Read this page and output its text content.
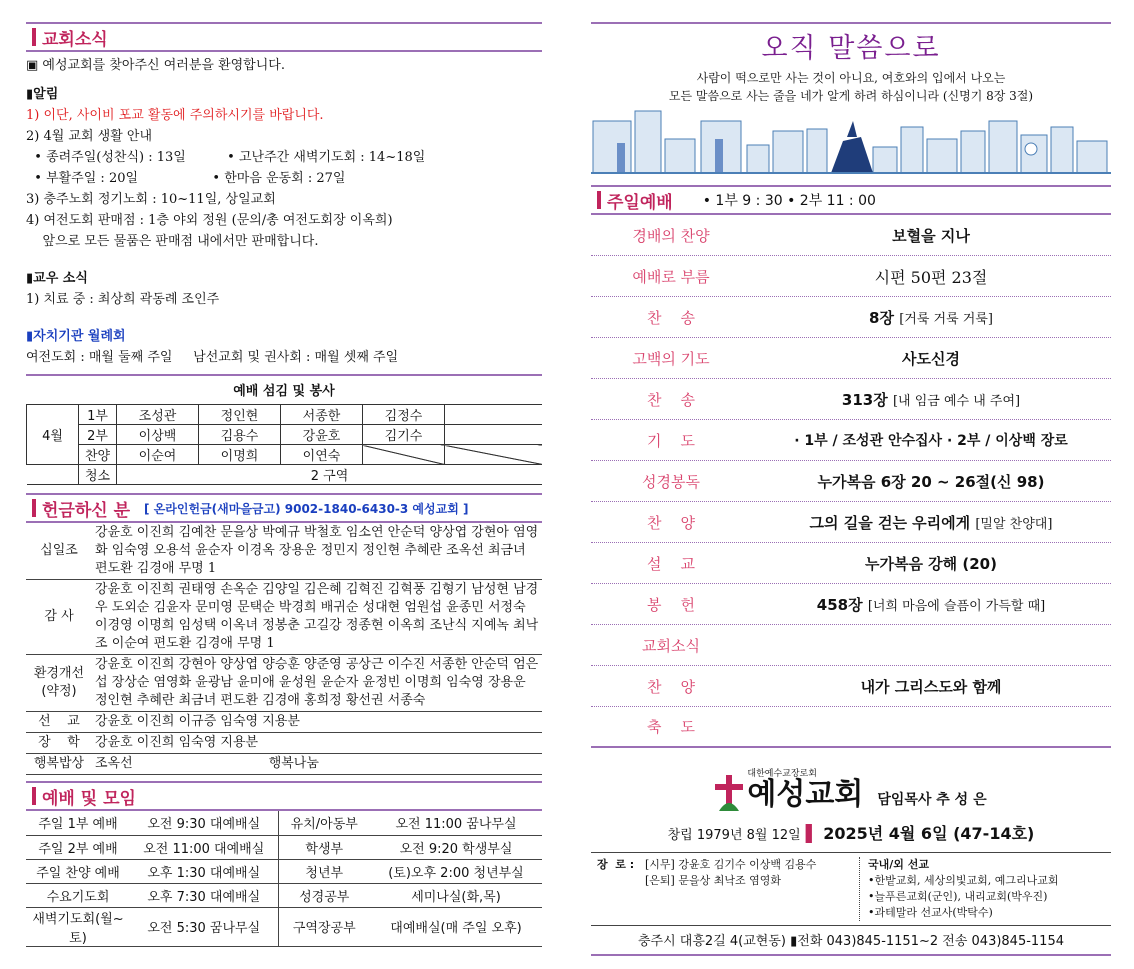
교회소식
▣ 예성교회를 찾아주신 여러분을 환영합니다.
▮알림
1) 이단, 사이비 포교 활동에 주의하시기를 바랍니다.
2) 4월 교회 생활 안내
• 종려주일(성찬식) : 13일          • 고난주간 새벽기도회 : 14~18일
• 부활주일 : 20일                  • 한마음 운동회 : 27일
3) 충주노회 정기노회 : 10~11일, 상일교회
4) 여전도회 판매점 : 1층 야외 정원 (문의/총 여전도회장 이옥희)
앞으로 모든 물품은 판매점 내에서만 판매합니다.
▮교우 소식
1) 치료 중 : 최상희 곽동례 조인주
▮자치기관 월례회
여전도회 : 매월 둘째 주일     남선교회 및 권사회 : 매월 셋째 주일
예배 섬김 및 봉사
4월	1부	조성관	정인현	서종한	김정수	
	2부	이상백	김용수	강윤호	김기수	
	찬양	이순여	이명희	이연숙		
	청소	2 구역				
헌금하신 분 [ 온라인헌금(새마을금고) 9002-1840-6430-3 예성교회 ]
십일조	강윤호 이진희 김예찬 문을상 박예규 박철호 임소연 안순덕 양상엽 강현아 염영화 임숙영 오용석 윤순자 이경옥 장용운 정민지 정인현 추혜란 조옥선 최금녀 편도환 김경애 무명 1
감 사	강윤호 이진희 권태영 손옥순 김양일 김은혜 김혁진 김혁풍 김형기 남성현 남경우 도외순 김윤자 문미영 문택순 박경희 배귀순 성대현 엄원섭 윤종민 서정숙 이경영 이명희 임성택 이옥녀 정봉춘 고길강 정종현 이옥희 조난식 지예녹 최낙조 이순여 편도환 김경애 무명 1
환경개선
(약정)	강윤호 이진희 강현아 양상엽 양승훈 양준영 공상근 이수진 서종한 안순덕 엄은섭 장상순 염영화 윤광남 윤미애 윤성원 윤순자 윤정빈 이명희 임숙영 장용운 정인현 추혜란 최금녀 편도환 김경애 홍희정 황선권 서종숙
선    교	강윤호 이진희 이규증 임숙영 지용분
장    학	강윤호 이진희 임숙영 지용분
행복밥상	조옥선 행복나눔
예배 및 모임
주일 1부 예배	오전 9:30 대예배실	유치/아동부	오전 11:00 꿈나무실
주일 2부 예배	오전 11:00 대예배실	학생부	오전 9:20 학생부실
주일 찬양 예배	오후 1:30 대예배실	청년부	(토)오후 2:00 청년부실
수요기도회	오후 7:30 대예배실	성경공부	세미나실(화,목)
새벽기도회(월~토)	오전 5:30 꿈나무실	구역장공부	대예배실(매 주일 오후)
오직 말씀으로
사람이 떡으로만 사는 것이 아니요, 여호와의 입에서 나오는
모든 말씀으로 사는 줄을 네가 알게 하려 하심이니라 (신명기 8장 3절)
주일예배 • 1부 9 : 30 • 2부 11 : 00
경배의 찬양	보혈을 지나
예배로 부름	시편 50편 23절
찬    송	8장 [거룩 거룩 거룩]
고백의 기도	사도신경
찬    송	313장 [내 임금 예수 내 주여]
기    도	· 1부 / 조성관 안수집사 · 2부 / 이상백 장로
성경봉독	누가복음 6장 20 ~ 26절(신 98)
찬    양	그의 길을 걷는 우리에게 [밀알 찬양대]
설    교	누가복음 강해 (20)
봉    헌	458장 [너희 마음에 슬픔이 가득할 때]
교회소식
찬    양	내가 그리스도와 함께
축    도
대한예수교장로회
예성교회 담임목사 추 성 은
창립 1979년 8월 12일 ▌ 2025년 4월 6일 (47-14호)
장  로 : [시무] 강윤호 김기수 이상백 김용수
[은퇴] 문을상 최낙조 염영화
국내/외 선교
•한밭교회, 세상의빛교회, 예그리나교회
•늘푸른교회(군인), 내리교회(박우진)
•과테말라 선교사(박탁수)
충주시 대흥2길 4(교현동) ▮전화 043)845-1151~2 전송 043)845-1154
